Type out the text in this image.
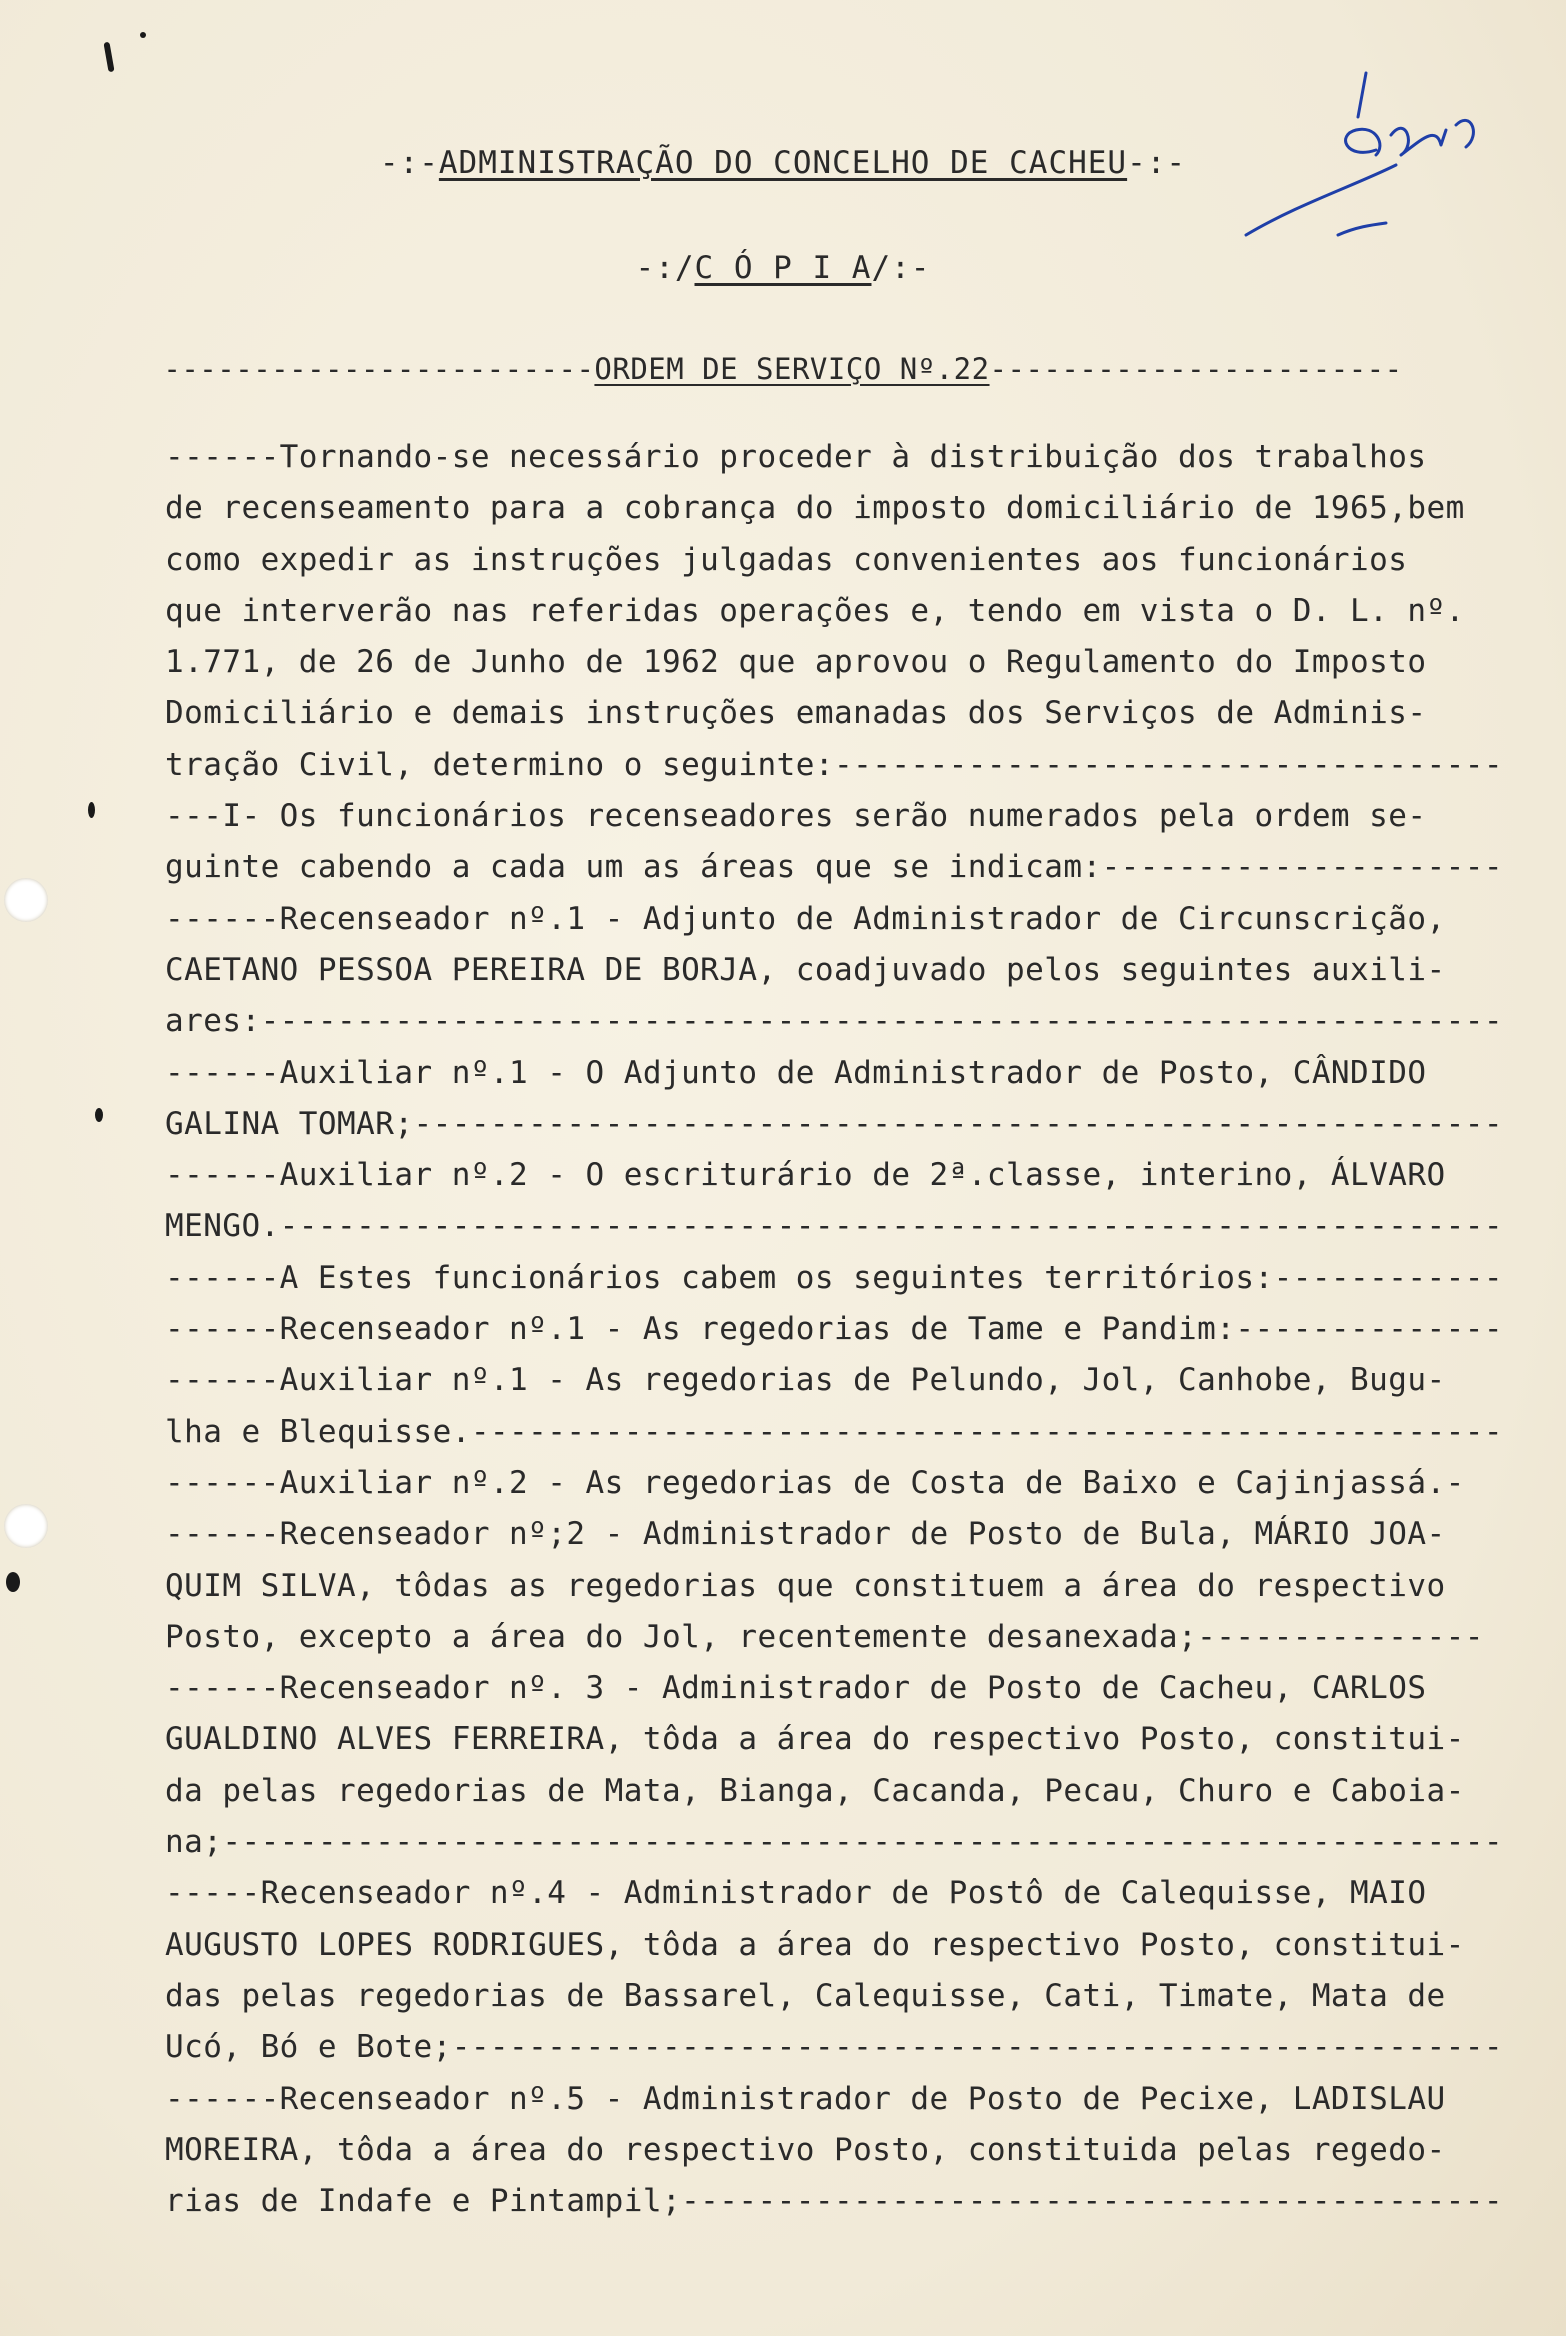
-:-ADMINISTRAÇÃO DO CONCELHO DE CACHEU-:-
-:/C Ó P I A/:-
------------------------ORDEM DE SERVIÇO Nº.22-----------------------
------Tornando-se necessário proceder à distribuição dos trabalhos
de recenseamento para a cobrança do imposto domiciliário de 1965,bem
como expedir as instruções julgadas convenientes aos funcionários
que interverão nas referidas operações e, tendo em vista o D. L. nº.
1.771, de 26 de Junho de 1962 que aprovou o Regulamento do Imposto
Domiciliário e demais instruções emanadas dos Serviços de Adminis-
tração Civil, determino o seguinte:-----------------------------------
---I- Os funcionários recenseadores serão numerados pela ordem se-
guinte cabendo a cada um as áreas que se indicam:---------------------
------Recenseador nº.1 - Adjunto de Administrador de Circunscrição,
CAETANO PESSOA PEREIRA DE BORJA, coadjuvado pelos seguintes auxili-
ares:-----------------------------------------------------------------
------Auxiliar nº.1 - O Adjunto de Administrador de Posto, CÂNDIDO
GALINA TOMAR;---------------------------------------------------------
------Auxiliar nº.2 - O escriturário de 2ª.classe, interino, ÁLVARO
MENGO.----------------------------------------------------------------
------A Estes funcionários cabem os seguintes territórios:------------
------Recenseador nº.1 - As regedorias de Tame e Pandim:--------------
------Auxiliar nº.1 - As regedorias de Pelundo, Jol, Canhobe, Bugu-
lha e Blequisse.------------------------------------------------------
------Auxiliar nº.2 - As regedorias de Costa de Baixo e Cajinjassá.-
------Recenseador nº;2 - Administrador de Posto de Bula, MÁRIO JOA-
QUIM SILVA, tôdas as regedorias que constituem a área do respectivo
Posto, excepto a área do Jol, recentemente desanexada;---------------
------Recenseador nº. 3 - Administrador de Posto de Cacheu, CARLOS
GUALDINO ALVES FERREIRA, tôda a área do respectivo Posto, constitui-
da pelas regedorias de Mata, Bianga, Cacanda, Pecau, Churo e Caboia-
na;-------------------------------------------------------------------
-----Recenseador nº.4 - Administrador de Postô de Calequisse, MAIO
AUGUSTO LOPES RODRIGUES, tôda a área do respectivo Posto, constitui-
das pelas regedorias de Bassarel, Calequisse, Cati, Timate, Mata de
Ucó, Bó e Bote;-------------------------------------------------------
------Recenseador nº.5 - Administrador de Posto de Pecixe, LADISLAU
MOREIRA, tôda a área do respectivo Posto, constituida pelas regedo-
rias de Indafe e Pintampil;-------------------------------------------
